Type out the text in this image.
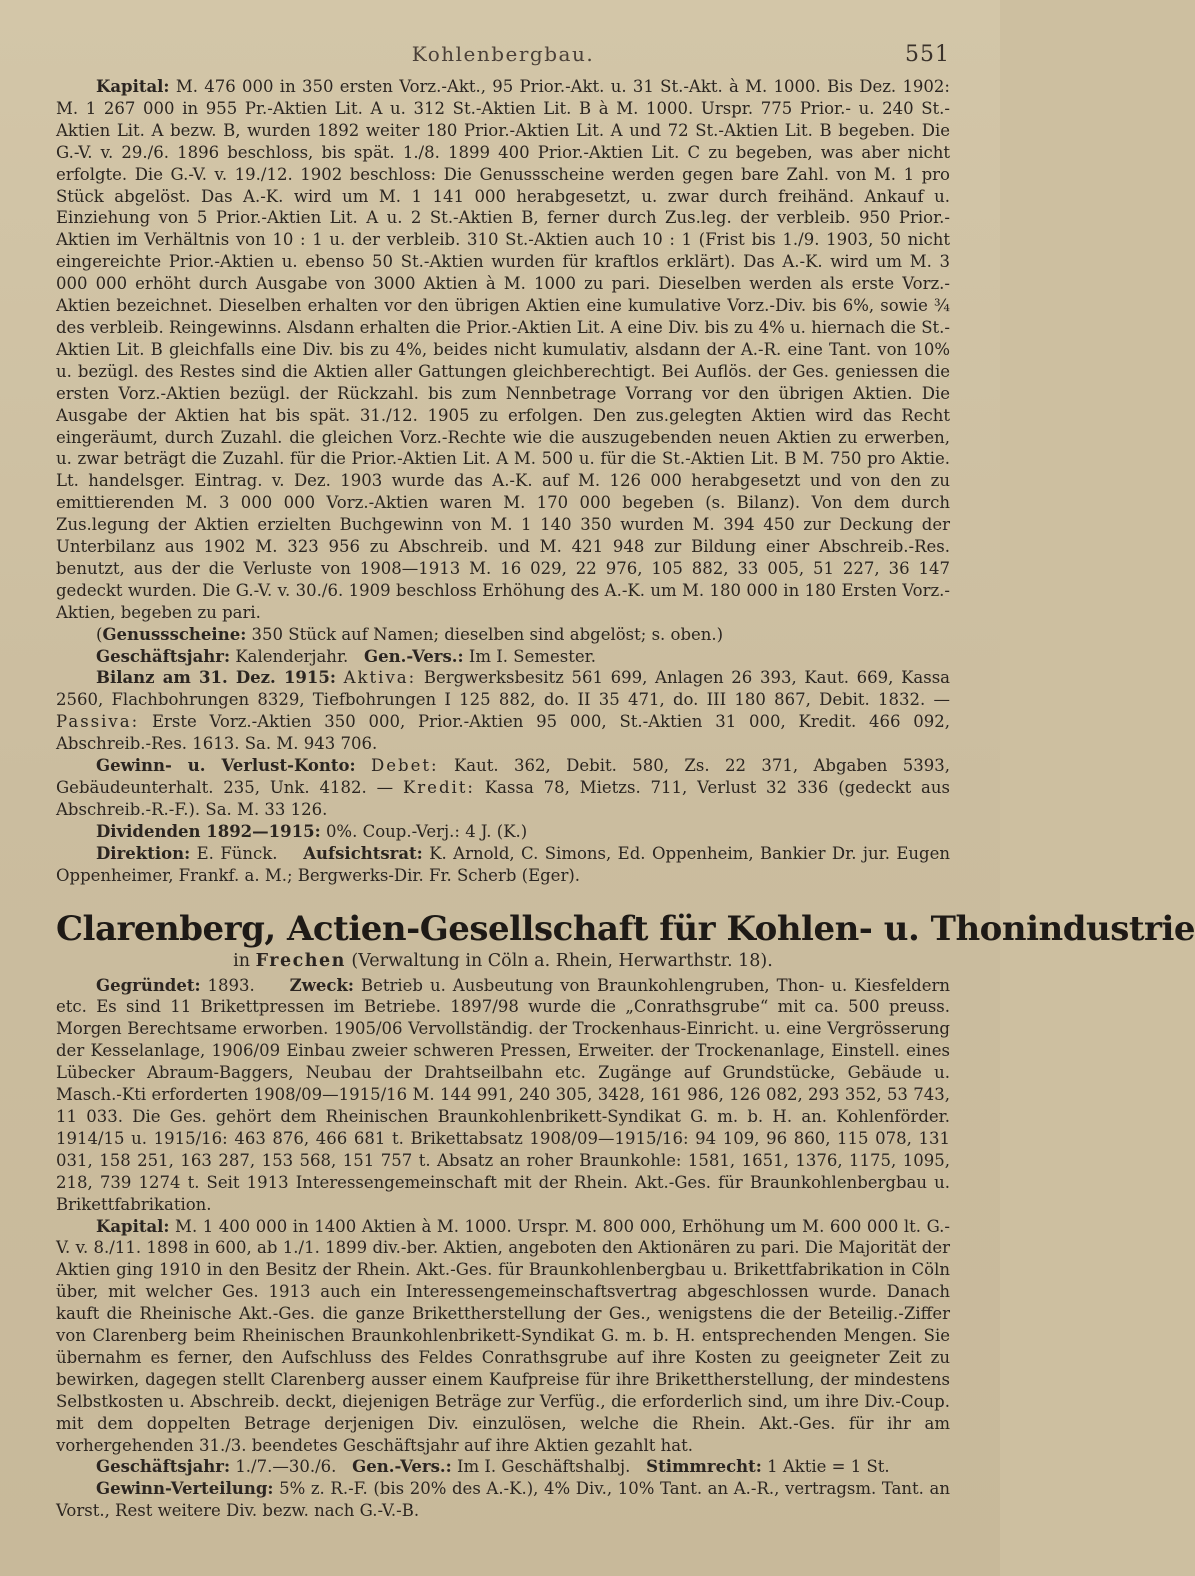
Kohlenbergbau.	551

Kapital: M. 476 000 in 350 ersten Vorz.-Akt., 95 Prior.-Akt. u. 31 St.-Akt. à M. 1000. Bis Dez. 1902: M. 1 267 000 in 955 Pr.-Aktien Lit. A u. 312 St.-Aktien Lit. B à M. 1000. Urspr. 775 Prior.- u. 240 St.-Aktien Lit. A bezw. B, wurden 1892 weiter 180 Prior.-Aktien Lit. A und 72 St.-Aktien Lit. B begeben. Die G.-V. v. 29./6. 1896 beschloss, bis spät. 1./8. 1899 400 Prior.-Aktien Lit. C zu begeben, was aber nicht erfolgte. Die G.-V. v. 19./12. 1902 beschloss: Die Genussscheine werden gegen bare Zahl. von M. 1 pro Stück abgelöst. Das A.-K. wird um M. 1 141 000 herabgesetzt, u. zwar durch freihänd. Ankauf u. Einziehung von 5 Prior.-Aktien Lit. A u. 2 St.-Aktien B, ferner durch Zus.leg. der verbleib. 950 Prior.-Aktien im Verhältnis von 10 : 1 u. der verbleib. 310 St.-Aktien auch 10 : 1 (Frist bis 1./9. 1903, 50 nicht eingereichte Prior.-Aktien u. ebenso 50 St.-Aktien wurden für kraftlos erklärt). Das A.-K. wird um M. 3 000 000 erhöht durch Ausgabe von 3000 Aktien à M. 1000 zu pari. Dieselben werden als erste Vorz.-Aktien bezeichnet. Dieselben erhalten vor den übrigen Aktien eine kumulative Vorz.-Div. bis 6%, sowie ¾ des verbleib. Reingewinns. Alsdann erhalten die Prior.-Aktien Lit. A eine Div. bis zu 4% u. hiernach die St.-Aktien Lit. B gleichfalls eine Div. bis zu 4%, beides nicht kumulativ, alsdann der A.-R. eine Tant. von 10% u. bezügl. des Restes sind die Aktien aller Gattungen gleichberechtigt. Bei Auflös. der Ges. geniessen die ersten Vorz.-Aktien bezügl. der Rückzahl. bis zum Nennbetrage Vorrang vor den übrigen Aktien. Die Ausgabe der Aktien hat bis spät. 31./12. 1905 zu erfolgen. Den zus.gelegten Aktien wird das Recht eingeräumt, durch Zuzahl. die gleichen Vorz.-Rechte wie die auszugebenden neuen Aktien zu erwerben, u. zwar beträgt die Zuzahl. für die Prior.-Aktien Lit. A M. 500 u. für die St.-Aktien Lit. B M. 750 pro Aktie. Lt. handelsger. Eintrag. v. Dez. 1903 wurde das A.-K. auf M. 126 000 herabgesetzt und von den zu emittierenden M. 3 000 000 Vorz.-Aktien waren M. 170 000 begeben (s. Bilanz). Von dem durch Zus.legung der Aktien erzielten Buchgewinn von M. 1 140 350 wurden M. 394 450 zur Deckung der Unterbilanz aus 1902 M. 323 956 zu Abschreib. und M. 421 948 zur Bildung einer Abschreib.-Res. benutzt, aus der die Verluste von 1908—1913 M. 16 029, 22 976, 105 882, 33 005, 51 227, 36 147 gedeckt wurden. Die G.-V. v. 30./6. 1909 beschloss Erhöhung des A.-K. um M. 180 000 in 180 Ersten Vorz.-Aktien, begeben zu pari.

(Genussscheine: 350 Stück auf Namen; dieselben sind abgelöst; s. oben.)

Geschäftsjahr: Kalenderjahr. Gen.-Vers.: Im I. Semester.

Bilanz am 31. Dez. 1915: Aktiva: Bergwerksbesitz 561 699, Anlagen 26 393, Kaut. 669, Kassa 2560, Flachbohrungen 8329, Tiefbohrungen I 125 882, do. II 35 471, do. III 180 867, Debit. 1832. — Passiva: Erste Vorz.-Aktien 350 000, Prior.-Aktien 95 000, St.-Aktien 31 000, Kredit. 466 092, Abschreib.-Res. 1613. Sa. M. 943 706.

Gewinn- u. Verlust-Konto: Debet: Kaut. 362, Debit. 580, Zs. 22 371, Abgaben 5393, Gebäudeunterhalt. 235, Unk. 4182. — Kredit: Kassa 78, Mietzs. 711, Verlust 32 336 (gedeckt aus Abschreib.-R.-F.). Sa. M. 33 126.

Dividenden 1892—1915: 0%. Coup.-Verj.: 4 J. (K.)

Direktion: E. Fünck. Aufsichtsrat: K. Arnold, C. Simons, Ed. Oppenheim, Bankier Dr. jur. Eugen Oppenheimer, Frankf. a. M.; Bergwerks-Dir. Fr. Scherb (Eger).

Clarenberg, Actien-Gesellschaft für Kohlen- u. Thonindustrie
in Frechen (Verwaltung in Cöln a. Rhein, Herwarthstr. 18).

Gegründet: 1893. Zweck: Betrieb u. Ausbeutung von Braunkohlengruben, Thon- u. Kiesfeldern etc. Es sind 11 Brikettpressen im Betriebe. 1897/98 wurde die „Conrathsgrube“ mit ca. 500 preuss. Morgen Berechtsame erworben. 1905/06 Vervollständig. der Trockenhaus-Einricht. u. eine Vergrösserung der Kesselanlage, 1906/09 Einbau zweier schweren Pressen, Erweiter. der Trockenanlage, Einstell. eines Lübecker Abraum-Baggers, Neubau der Drahtseilbahn etc. Zugänge auf Grundstücke, Gebäude u. Masch.-Kti erforderten 1908/09—1915/16 M. 144 991, 240 305, 3428, 161 986, 126 082, 293 352, 53 743, 11 033. Die Ges. gehört dem Rheinischen Braunkohlenbrikett-Syndikat G. m. b. H. an. Kohlenförder. 1914/15 u. 1915/16: 463 876, 466 681 t. Brikettabsatz 1908/09—1915/16: 94 109, 96 860, 115 078, 131 031, 158 251, 163 287, 153 568, 151 757 t. Absatz an roher Braunkohle: 1581, 1651, 1376, 1175, 1095, 218, 739 1274 t. Seit 1913 Interessengemeinschaft mit der Rhein. Akt.-Ges. für Braunkohlenbergbau u. Brikettfabrikation.

Kapital: M. 1 400 000 in 1400 Aktien à M. 1000. Urspr. M. 800 000, Erhöhung um M. 600 000 lt. G.-V. v. 8./11. 1898 in 600, ab 1./1. 1899 div.-ber. Aktien, angeboten den Aktionären zu pari. Die Majorität der Aktien ging 1910 in den Besitz der Rhein. Akt.-Ges. für Braunkohlenbergbau u. Brikettfabrikation in Cöln über, mit welcher Ges. 1913 auch ein Interessengemeinschaftsvertrag abgeschlossen wurde. Danach kauft die Rheinische Akt.-Ges. die ganze Brikettherstellung der Ges., wenigstens die der Beteilig.-Ziffer von Clarenberg beim Rheinischen Braunkohlenbrikett-Syndikat G. m. b. H. entsprechenden Mengen. Sie übernahm es ferner, den Aufschluss des Feldes Conrathsgrube auf ihre Kosten zu geeigneter Zeit zu bewirken, dagegen stellt Clarenberg ausser einem Kaufpreise für ihre Brikettherstellung, der mindestens Selbstkosten u. Abschreib. deckt, diejenigen Beträge zur Verfüg., die erforderlich sind, um ihre Div.-Coup. mit dem doppelten Betrage derjenigen Div. einzulösen, welche die Rhein. Akt.-Ges. für ihr am vorhergehenden 31./3. beendetes Geschäftsjahr auf ihre Aktien gezahlt hat.

Geschäftsjahr: 1./7.—30./6. Gen.-Vers.: Im I. Geschäftshalbj. Stimmrecht: 1 Aktie = 1 St.

Gewinn-Verteilung: 5% z. R.-F. (bis 20% des A.-K.), 4% Div., 10% Tant. an A.-R., vertragsm. Tant. an Vorst., Rest weitere Div. bezw. nach G.-V.-B.
